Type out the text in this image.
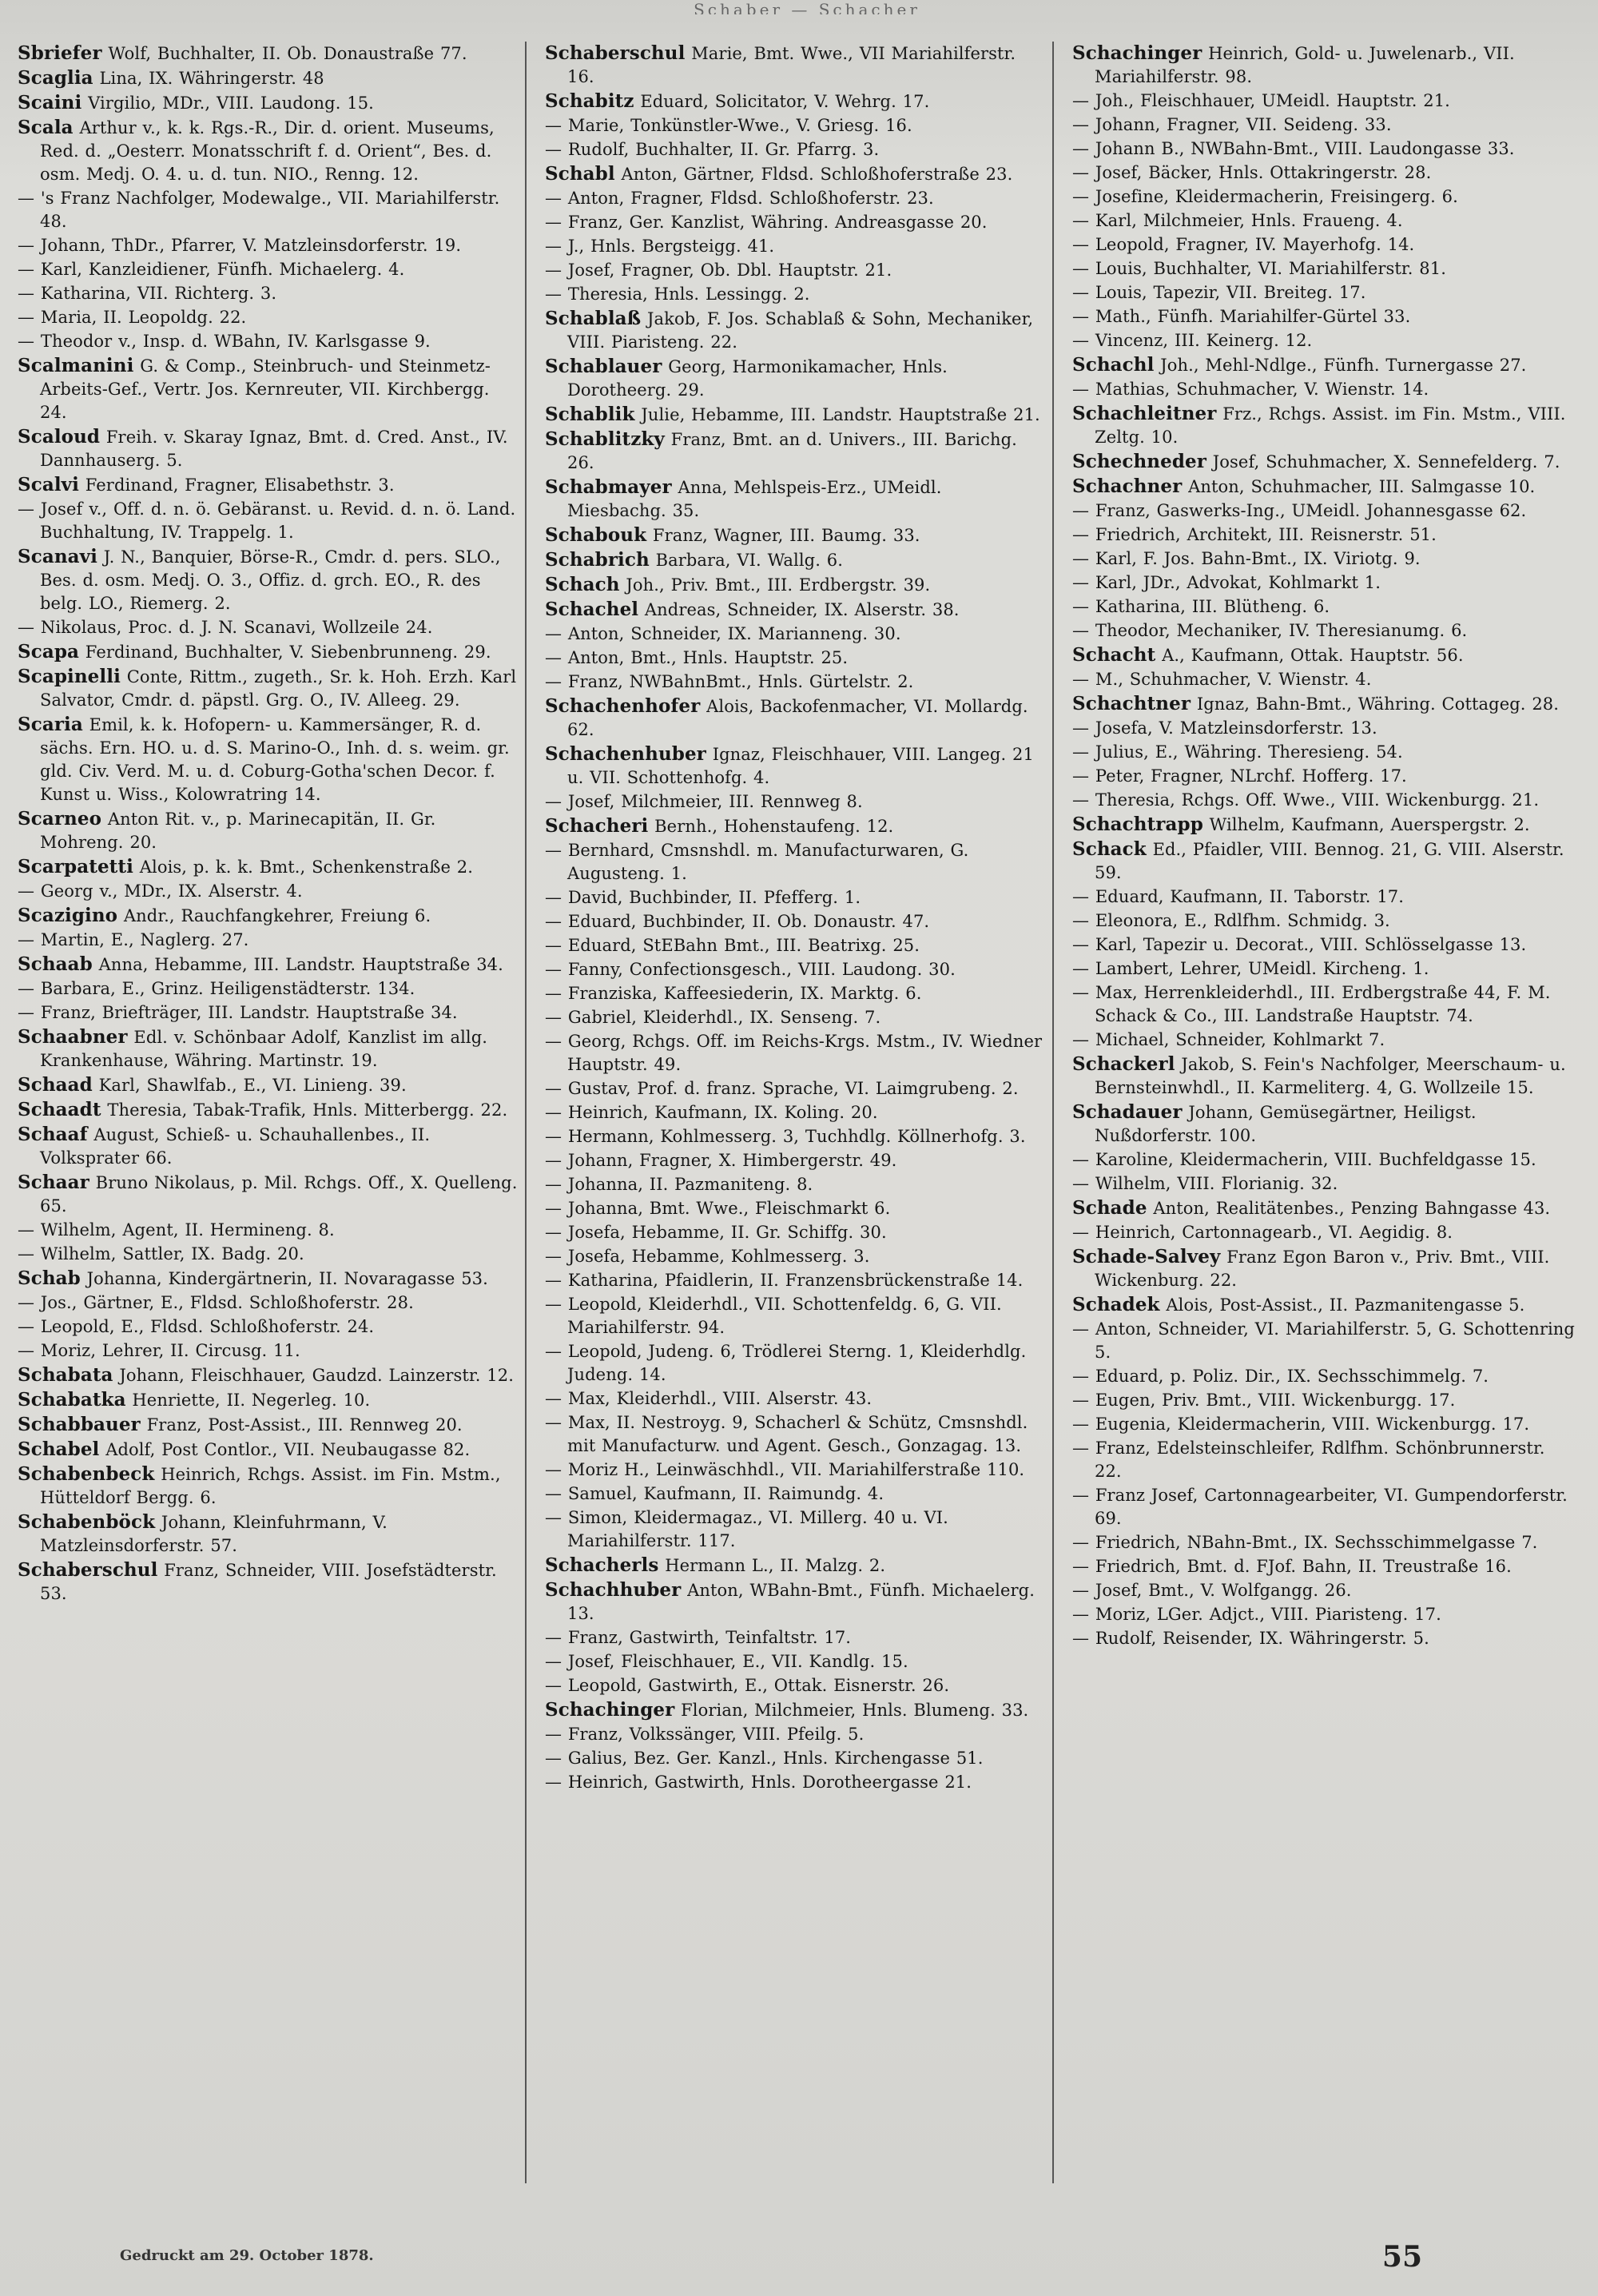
Schaber — Schacher
Sbriefer Wolf, Buchhalter, II. Ob. Donaustraße 77.
Scaglia Lina, IX. Währingerstr. 48
Scaini Virgilio, MDr., VIII. Laudong. 15.
Scala Arthur v., k. k. Rgs.-R., Dir. d. orient. Museums, Red. d. „Oesterr. Monatsschrift f. d. Orient“, Bes. d. osm. Medj. O. 4. u. d. tun. NIO., Renng. 12.
— 's Franz Nachfolger, Modewalge., VII. Mariahilferstr. 48.
— Johann, ThDr., Pfarrer, V. Matzleinsdorferstr. 19.
— Karl, Kanzleidiener, Fünfh. Michaelerg. 4.
— Katharina, VII. Richterg. 3.
— Maria, II. Leopoldg. 22.
— Theodor v., Insp. d. WBahn, IV. Karlsgasse 9.
Scalmanini G. & Comp., Steinbruch- und Steinmetz-Arbeits-Gef., Vertr. Jos. Kernreuter, VII. Kirchbergg. 24.
Scaloud Freih. v. Skaray Ignaz, Bmt. d. Cred. Anst., IV. Dannhauserg. 5.
Scalvi Ferdinand, Fragner, Elisabethstr. 3.
— Josef v., Off. d. n. ö. Gebäranst. u. Revid. d. n. ö. Land. Buchhaltung, IV. Trappelg. 1.
Scanavi J. N., Banquier, Börse-R., Cmdr. d. pers. SLO., Bes. d. osm. Medj. O. 3., Offiz. d. grch. EO., R. des belg. LO., Riemerg. 2.
— Nikolaus, Proc. d. J. N. Scanavi, Wollzeile 24.
Scapa Ferdinand, Buchhalter, V. Siebenbrunneng. 29.
Scapinelli Conte, Rittm., zugeth., Sr. k. Hoh. Erzh. Karl Salvator, Cmdr. d. päpstl. Grg. O., IV. Alleeg. 29.
Scaria Emil, k. k. Hofopern- u. Kammersänger, R. d. sächs. Ern. HO. u. d. S. Marino-O., Inh. d. s. weim. gr. gld. Civ. Verd. M. u. d. Coburg-Gotha'schen Decor. f. Kunst u. Wiss., Kolowratring 14.
Scarneo Anton Rit. v., p. Marinecapitän, II. Gr. Mohreng. 20.
Scarpatetti Alois, p. k. k. Bmt., Schenkenstraße 2.
— Georg v., MDr., IX. Alserstr. 4.
Scazigino Andr., Rauchfangkehrer, Freiung 6.
— Martin, E., Naglerg. 27.
Schaab Anna, Hebamme, III. Landstr. Hauptstraße 34.
— Barbara, E., Grinz. Heiligenstädterstr. 134.
— Franz, Briefträger, III. Landstr. Hauptstraße 34.
Schaabner Edl. v. Schönbaar Adolf, Kanzlist im allg. Krankenhause, Währing. Martinstr. 19.
Schaad Karl, Shawlfab., E., VI. Linieng. 39.
Schaadt Theresia, Tabak-Trafik, Hnls. Mitterbergg. 22.
Schaaf August, Schieß- u. Schauhallenbes., II. Volksprater 66.
Schaar Bruno Nikolaus, p. Mil. Rchgs. Off., X. Quelleng. 65.
— Wilhelm, Agent, II. Hermineng. 8.
— Wilhelm, Sattler, IX. Badg. 20.
Schab Johanna, Kindergärtnerin, II. Novaragasse 53.
— Jos., Gärtner, E., Fldsd. Schloßhoferstr. 28.
— Leopold, E., Fldsd. Schloßhoferstr. 24.
— Moriz, Lehrer, II. Circusg. 11.
Schabata Johann, Fleischhauer, Gaudzd. Lainzerstr. 12.
Schabatka Henriette, II. Negerleg. 10.
Schabbauer Franz, Post-Assist., III. Rennweg 20.
Schabel Adolf, Post Contlor., VII. Neubaugasse 82.
Schabenbeck Heinrich, Rchgs. Assist. im Fin. Mstm., Hütteldorf Bergg. 6.
Schabenböck Johann, Kleinfuhrmann, V. Matzleinsdorferstr. 57.
Schaberschul Franz, Schneider, VIII. Josefstädterstr. 53.
Schaberschul Marie, Bmt. Wwe., VII Mariahilferstr. 16.
Schabitz Eduard, Solicitator, V. Wehrg. 17.
— Marie, Tonkünstler-Wwe., V. Griesg. 16.
— Rudolf, Buchhalter, II. Gr. Pfarrg. 3.
Schabl Anton, Gärtner, Fldsd. Schloßhoferstraße 23.
— Anton, Fragner, Fldsd. Schloßhoferstr. 23.
— Franz, Ger. Kanzlist, Währing. Andreasgasse 20.
— J., Hnls. Bergsteigg. 41.
— Josef, Fragner, Ob. Dbl. Hauptstr. 21.
— Theresia, Hnls. Lessingg. 2.
Schablaß Jakob, F. Jos. Schablaß & Sohn, Mechaniker, VIII. Piaristeng. 22.
Schablauer Georg, Harmonikamacher, Hnls. Dorotheerg. 29.
Schablik Julie, Hebamme, III. Landstr. Hauptstraße 21.
Schablitzky Franz, Bmt. an d. Univers., III. Barichg. 26.
Schabmayer Anna, Mehlspeis-Erz., UMeidl. Miesbachg. 35.
Schabouk Franz, Wagner, III. Baumg. 33.
Schabrich Barbara, VI. Wallg. 6.
Schach Joh., Priv. Bmt., III. Erdbergstr. 39.
Schachel Andreas, Schneider, IX. Alserstr. 38.
— Anton, Schneider, IX. Marianneng. 30.
— Anton, Bmt., Hnls. Hauptstr. 25.
— Franz, NWBahnBmt., Hnls. Gürtelstr. 2.
Schachenhofer Alois, Backofenmacher, VI. Mollardg. 62.
Schachenhuber Ignaz, Fleischhauer, VIII. Langeg. 21 u. VII. Schottenhofg. 4.
— Josef, Milchmeier, III. Rennweg 8.
Schacheri Bernh., Hohenstaufeng. 12.
— Bernhard, Cmsnshdl. m. Manufacturwaren, G. Augusteng. 1.
— David, Buchbinder, II. Pfefferg. 1.
— Eduard, Buchbinder, II. Ob. Donaustr. 47.
— Eduard, StEBahn Bmt., III. Beatrixg. 25.
— Fanny, Confectionsgesch., VIII. Laudong. 30.
— Franziska, Kaffeesiederin, IX. Marktg. 6.
— Gabriel, Kleiderhdl., IX. Senseng. 7.
— Georg, Rchgs. Off. im Reichs-Krgs. Mstm., IV. Wiedner Hauptstr. 49.
— Gustav, Prof. d. franz. Sprache, VI. Laimgrubeng. 2.
— Heinrich, Kaufmann, IX. Koling. 20.
— Hermann, Kohlmesserg. 3, Tuchhdlg. Köllnerhofg. 3.
— Johann, Fragner, X. Himbergerstr. 49.
— Johanna, II. Pazmaniteng. 8.
— Johanna, Bmt. Wwe., Fleischmarkt 6.
— Josefa, Hebamme, II. Gr. Schiffg. 30.
— Josefa, Hebamme, Kohlmesserg. 3.
— Katharina, Pfaidlerin, II. Franzensbrückenstraße 14.
— Leopold, Kleiderhdl., VII. Schottenfeldg. 6, G. VII. Mariahilferstr. 94.
— Leopold, Judeng. 6, Trödlerei Sterng. 1, Kleiderhdlg. Judeng. 14.
— Max, Kleiderhdl., VIII. Alserstr. 43.
— Max, II. Nestroyg. 9, Schacherl & Schütz, Cmsnshdl. mit Manufacturw. und Agent. Gesch., Gonzagag. 13.
— Moriz H., Leinwäschhdl., VII. Mariahilferstraße 110.
— Samuel, Kaufmann, II. Raimundg. 4.
— Simon, Kleidermagaz., VI. Millerg. 40 u. VI. Mariahilferstr. 117.
Schacherls Hermann L., II. Malzg. 2.
Schachhuber Anton, WBahn-Bmt., Fünfh. Michaelerg. 13.
— Franz, Gastwirth, Teinfaltstr. 17.
— Josef, Fleischhauer, E., VII. Kandlg. 15.
— Leopold, Gastwirth, E., Ottak. Eisnerstr. 26.
Schachinger Florian, Milchmeier, Hnls. Blumeng. 33.
— Franz, Volkssänger, VIII. Pfeilg. 5.
— Galius, Bez. Ger. Kanzl., Hnls. Kirchengasse 51.
— Heinrich, Gastwirth, Hnls. Dorotheergasse 21.
Schachinger Heinrich, Gold- u. Juwelenarb., VII. Mariahilferstr. 98.
— Joh., Fleischhauer, UMeidl. Hauptstr. 21.
— Johann, Fragner, VII. Seideng. 33.
— Johann B., NWBahn-Bmt., VIII. Laudongasse 33.
— Josef, Bäcker, Hnls. Ottakringerstr. 28.
— Josefine, Kleidermacherin, Freisingerg. 6.
— Karl, Milchmeier, Hnls. Fraueng. 4.
— Leopold, Fragner, IV. Mayerhofg. 14.
— Louis, Buchhalter, VI. Mariahilferstr. 81.
— Louis, Tapezir, VII. Breiteg. 17.
— Math., Fünfh. Mariahilfer-Gürtel 33.
— Vincenz, III. Keinerg. 12.
Schachl Joh., Mehl-Ndlge., Fünfh. Turnergasse 27.
— Mathias, Schuhmacher, V. Wienstr. 14.
Schachleitner Frz., Rchgs. Assist. im Fin. Mstm., VIII. Zeltg. 10.
Schechneder Josef, Schuhmacher, X. Sennefelderg. 7.
Schachner Anton, Schuhmacher, III. Salmgasse 10.
— Franz, Gaswerks-Ing., UMeidl. Johannesgasse 62.
— Friedrich, Architekt, III. Reisnerstr. 51.
— Karl, F. Jos. Bahn-Bmt., IX. Viriotg. 9.
— Karl, JDr., Advokat, Kohlmarkt 1.
— Katharina, III. Blütheng. 6.
— Theodor, Mechaniker, IV. Theresianumg. 6.
Schacht A., Kaufmann, Ottak. Hauptstr. 56.
— M., Schuhmacher, V. Wienstr. 4.
Schachtner Ignaz, Bahn-Bmt., Währing. Cottageg. 28.
— Josefa, V. Matzleinsdorferstr. 13.
— Julius, E., Währing. Theresieng. 54.
— Peter, Fragner, NLrchf. Hofferg. 17.
— Theresia, Rchgs. Off. Wwe., VIII. Wickenburgg. 21.
Schachtrapp Wilhelm, Kaufmann, Auerspergstr. 2.
Schack Ed., Pfaidler, VIII. Bennog. 21, G. VIII. Alserstr. 59.
— Eduard, Kaufmann, II. Taborstr. 17.
— Eleonora, E., Rdlfhm. Schmidg. 3.
— Karl, Tapezir u. Decorat., VIII. Schlösselgasse 13.
— Lambert, Lehrer, UMeidl. Kircheng. 1.
— Max, Herrenkleiderhdl., III. Erdbergstraße 44, F. M. Schack & Co., III. Landstraße Hauptstr. 74.
— Michael, Schneider, Kohlmarkt 7.
Schackerl Jakob, S. Fein's Nachfolger, Meerschaum- u. Bernsteinwhdl., II. Karmeliterg. 4, G. Wollzeile 15.
Schadauer Johann, Gemüsegärtner, Heiligst. Nußdorferstr. 100.
— Karoline, Kleidermacherin, VIII. Buchfeldgasse 15.
— Wilhelm, VIII. Florianig. 32.
Schade Anton, Realitätenbes., Penzing Bahngasse 43.
— Heinrich, Cartonnagearb., VI. Aegidig. 8.
Schade-Salvey Franz Egon Baron v., Priv. Bmt., VIII. Wickenburg. 22.
Schadek Alois, Post-Assist., II. Pazmanitengasse 5.
— Anton, Schneider, VI. Mariahilferstr. 5, G. Schottenring 5.
— Eduard, p. Poliz. Dir., IX. Sechsschimmelg. 7.
— Eugen, Priv. Bmt., VIII. Wickenburgg. 17.
— Eugenia, Kleidermacherin, VIII. Wickenburgg. 17.
— Franz, Edelsteinschleifer, Rdlfhm. Schönbrunnerstr. 22.
— Franz Josef, Cartonnagearbeiter, VI. Gumpendorferstr. 69.
— Friedrich, NBahn-Bmt., IX. Sechsschimmelgasse 7.
— Friedrich, Bmt. d. FJof. Bahn, II. Treustraße 16.
— Josef, Bmt., V. Wolfgangg. 26.
— Moriz, LGer. Adjct., VIII. Piaristeng. 17.
— Rudolf, Reisender, IX. Währingerstr. 5.
Gedruckt am 29. October 1878.	55
